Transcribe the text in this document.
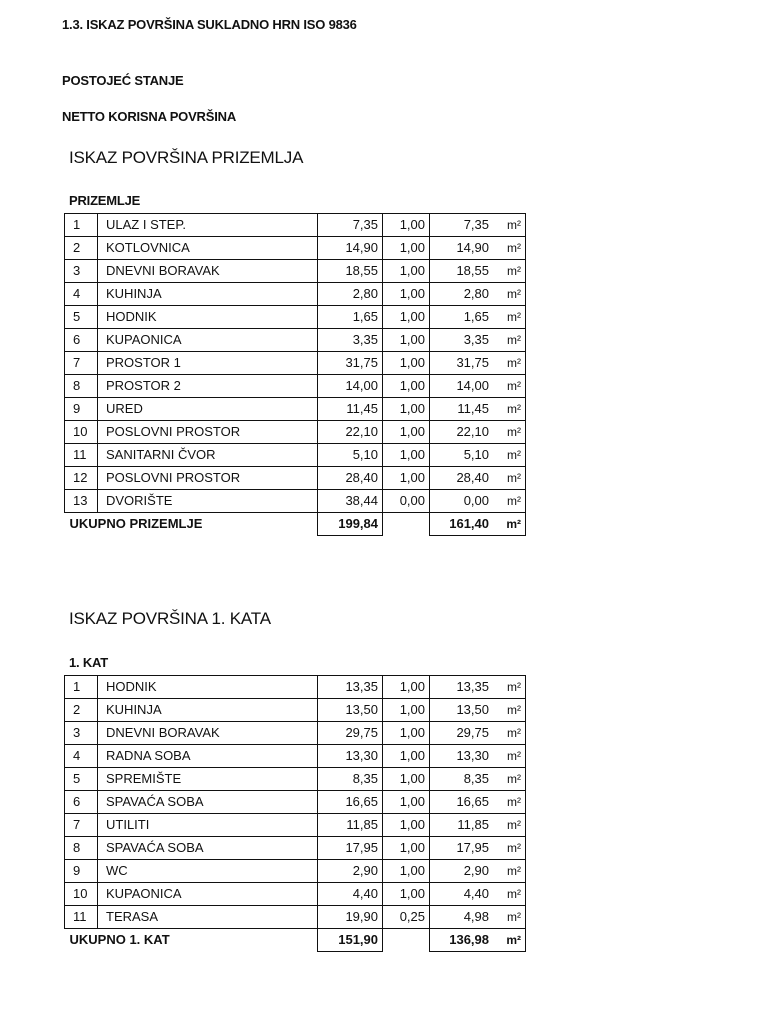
1.3. ISKAZ POVRŠINA SUKLADNO HRN ISO 9836
POSTOJEĆ STANJE
NETTO KORISNA POVRŠINA
ISKAZ POVRŠINA PRIZEMLJA
PRIZEMLJE
1	ULAZ I STEP.	7,35	1,00	7,35	m²
2	KOTLOVNICA	14,90	1,00	14,90	m²
3	DNEVNI BORAVAK	18,55	1,00	18,55	m²
4	KUHINJA	2,80	1,00	2,80	m²
5	HODNIK	1,65	1,00	1,65	m²
6	KUPAONICA	3,35	1,00	3,35	m²
7	PROSTOR 1	31,75	1,00	31,75	m²
8	PROSTOR 2	14,00	1,00	14,00	m²
9	URED	11,45	1,00	11,45	m²
10	POSLOVNI PROSTOR	22,10	1,00	22,10	m²
11	SANITARNI ČVOR	5,10	1,00	5,10	m²
12	POSLOVNI PROSTOR	28,40	1,00	28,40	m²
13	DVORIŠTE	38,44	0,00	0,00	m²
UKUPNO PRIZEMLJE		199,84		161,40	m²
ISKAZ POVRŠINA 1. KATA
1. KAT
1	HODNIK	13,35	1,00	13,35	m²
2	KUHINJA	13,50	1,00	13,50	m²
3	DNEVNI BORAVAK	29,75	1,00	29,75	m²
4	RADNA SOBA	13,30	1,00	13,30	m²
5	SPREMIŠTE	8,35	1,00	8,35	m²
6	SPAVAĆA SOBA	16,65	1,00	16,65	m²
7	UTILITI	11,85	1,00	11,85	m²
8	SPAVAĆA SOBA	17,95	1,00	17,95	m²
9	WC	2,90	1,00	2,90	m²
10	KUPAONICA	4,40	1,00	4,40	m²
11	TERASA	19,90	0,25	4,98	m²
UKUPNO 1. KAT		151,90		136,98	m²
